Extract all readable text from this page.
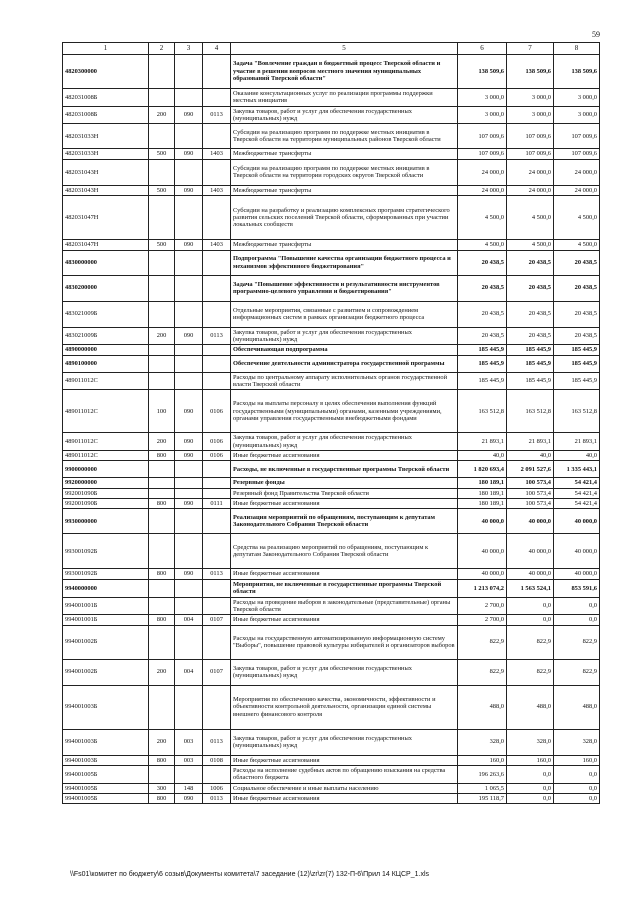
59
1	2	3	4	5	6	7	8
4820300000				Задача "Вовлечение граждан в бюджетный процесс Тверской области и участие в решении вопросов местного значения муниципальных образований Тверской области"	138 509,6	138 509,6	138 509,6
482031008Б				Оказание консультационных услуг по реализации программы поддержки местных инициатив	3 000,0	3 000,0	3 000,0
482031008Б	200	090	0113	Закупка товаров, работ и услуг для обеспечения государственных (муниципальных) нужд	3 000,0	3 000,0	3 000,0
482031033Н				Субсидии на реализацию программ по поддержке местных инициатив в Тверской области на территории муниципальных районов Тверской области	107 009,6	107 009,6	107 009,6
482031033Н	500	090	1403	Межбюджетные трансферты	107 009,6	107 009,6	107 009,6
482031043Н				Субсидии на реализацию программ по поддержке местных инициатив в Тверской области на территории городских округов Тверской области	24 000,0	24 000,0	24 000,0
482031043Н	500	090	1403	Межбюджетные трансферты	24 000,0	24 000,0	24 000,0
482031047Н				Субсидии на разработку и реализацию комплексных программ стратегического развития сельских поселений Тверской области, сформированных при участии локальных сообществ	4 500,0	4 500,0	4 500,0
482031047Н	500	090	1403	Межбюджетные трансферты	4 500,0	4 500,0	4 500,0
4830000000				Подпрограмма "Повышение качества организации бюджетного процесса и механизмов эффективного бюджетирования"	20 438,5	20 438,5	20 438,5
4830200000				Задача "Повышение эффективности и результативности инструментов программно-целевого управления и бюджетирования"	20 438,5	20 438,5	20 438,5
483021009Б				Отдельные мероприятия, связанные с развитием и сопровождением информационных систем в рамках организации бюджетного процесса	20 438,5	20 438,5	20 438,5
483021009Б	200	090	0113	Закупка товаров, работ и услуг для обеспечения государственных (муниципальных) нужд	20 438,5	20 438,5	20 438,5
4890000000				Обеспечивающая подпрограмма	185 445,9	185 445,9	185 445,9
4890100000				Обеспечение деятельности администратора государственной программы	185 445,9	185 445,9	185 445,9
489011012С				Расходы по центральному аппарату исполнительных органов государственной власти Тверской области	185 445,9	185 445,9	185 445,9
489011012С	100	090	0106	Расходы на выплаты персоналу в целях обеспечения выполнения функций государственными (муниципальными) органами, казенными учреждениями, органами управления государственными внебюджетными фондами	163 512,8	163 512,8	163 512,8
489011012С	200	090	0106	Закупка товаров, работ и услуг для обеспечения государственных (муниципальных) нужд	21 893,1	21 893,1	21 893,1
489011012С	800	090	0106	Иные бюджетные ассигнования	40,0	40,0	40,0
9900000000				Расходы, не включенные в государственные программы Тверской области	1 820 693,4	2 091 527,6	1 335 443,1
9920000000				Резервные фонды	180 189,1	100 573,4	54 421,4
992001090Б				Резервный фонд Правительства Тверской области	180 189,1	100 573,4	54 421,4
992001090Б	800	090	0111	Иные бюджетные ассигнования	180 189,1	100 573,4	54 421,4
9930000000				Реализация мероприятий по обращениям, поступающим к депутатам Законодательного Собрания Тверской области	40 000,0	40 000,0	40 000,0
993001092Б				Средства на реализацию мероприятий по обращениям, поступающим к депутатам Законодательного Собрания Тверской области	40 000,0	40 000,0	40 000,0
993001092Б	800	090	0113	Иные бюджетные ассигнования	40 000,0	40 000,0	40 000,0
9940000000				Мероприятия, не включенные в государственные программы Тверской области	1 213 074,2	1 563 524,1	853 591,6
994001001Б				Расходы на проведение выборов в законодательные (представительные) органы Тверской области	2 700,0	0,0	0,0
994001001Б	800	004	0107	Иные бюджетные ассигнования	2 700,0	0,0	0,0
994001002Б				Расходы на государственную автоматизированную информационную систему "Выборы", повышение правовой культуры избирателей и организаторов выборов	822,9	822,9	822,9
994001002Б	200	004	0107	Закупка товаров, работ и услуг для обеспечения государственных (муниципальных) нужд	822,9	822,9	822,9
994001003Б				Мероприятия по обеспечению качества, экономичности, эффективности и объективности контрольной деятельности, организации единой системы внешнего финансового контроля	488,0	488,0	488,0
994001003Б	200	003	0113	Закупка товаров, работ и услуг для обеспечения государственных (муниципальных) нужд	328,0	328,0	328,0
994001003Б	800	003	0108	Иные бюджетные ассигнования	160,0	160,0	160,0
994001005Б				Расходы на исполнение судебных актов по обращению взыскания на средства областного бюджета	196 263,6	0,0	0,0
994001005Б	300	148	1006	Социальное обеспечение и иные выплаты населению	1 065,5	0,0	0,0
994001005Б	800	090	0113	Иные бюджетные ассигнования	195 118,7	0,0	0,0
\\Fs01\комитет по бюджету\6 созыв\Документы комитета\7 заседание (12)\zr\zr(7) 132-П-6\Прил 14 КЦСР_1.xls
